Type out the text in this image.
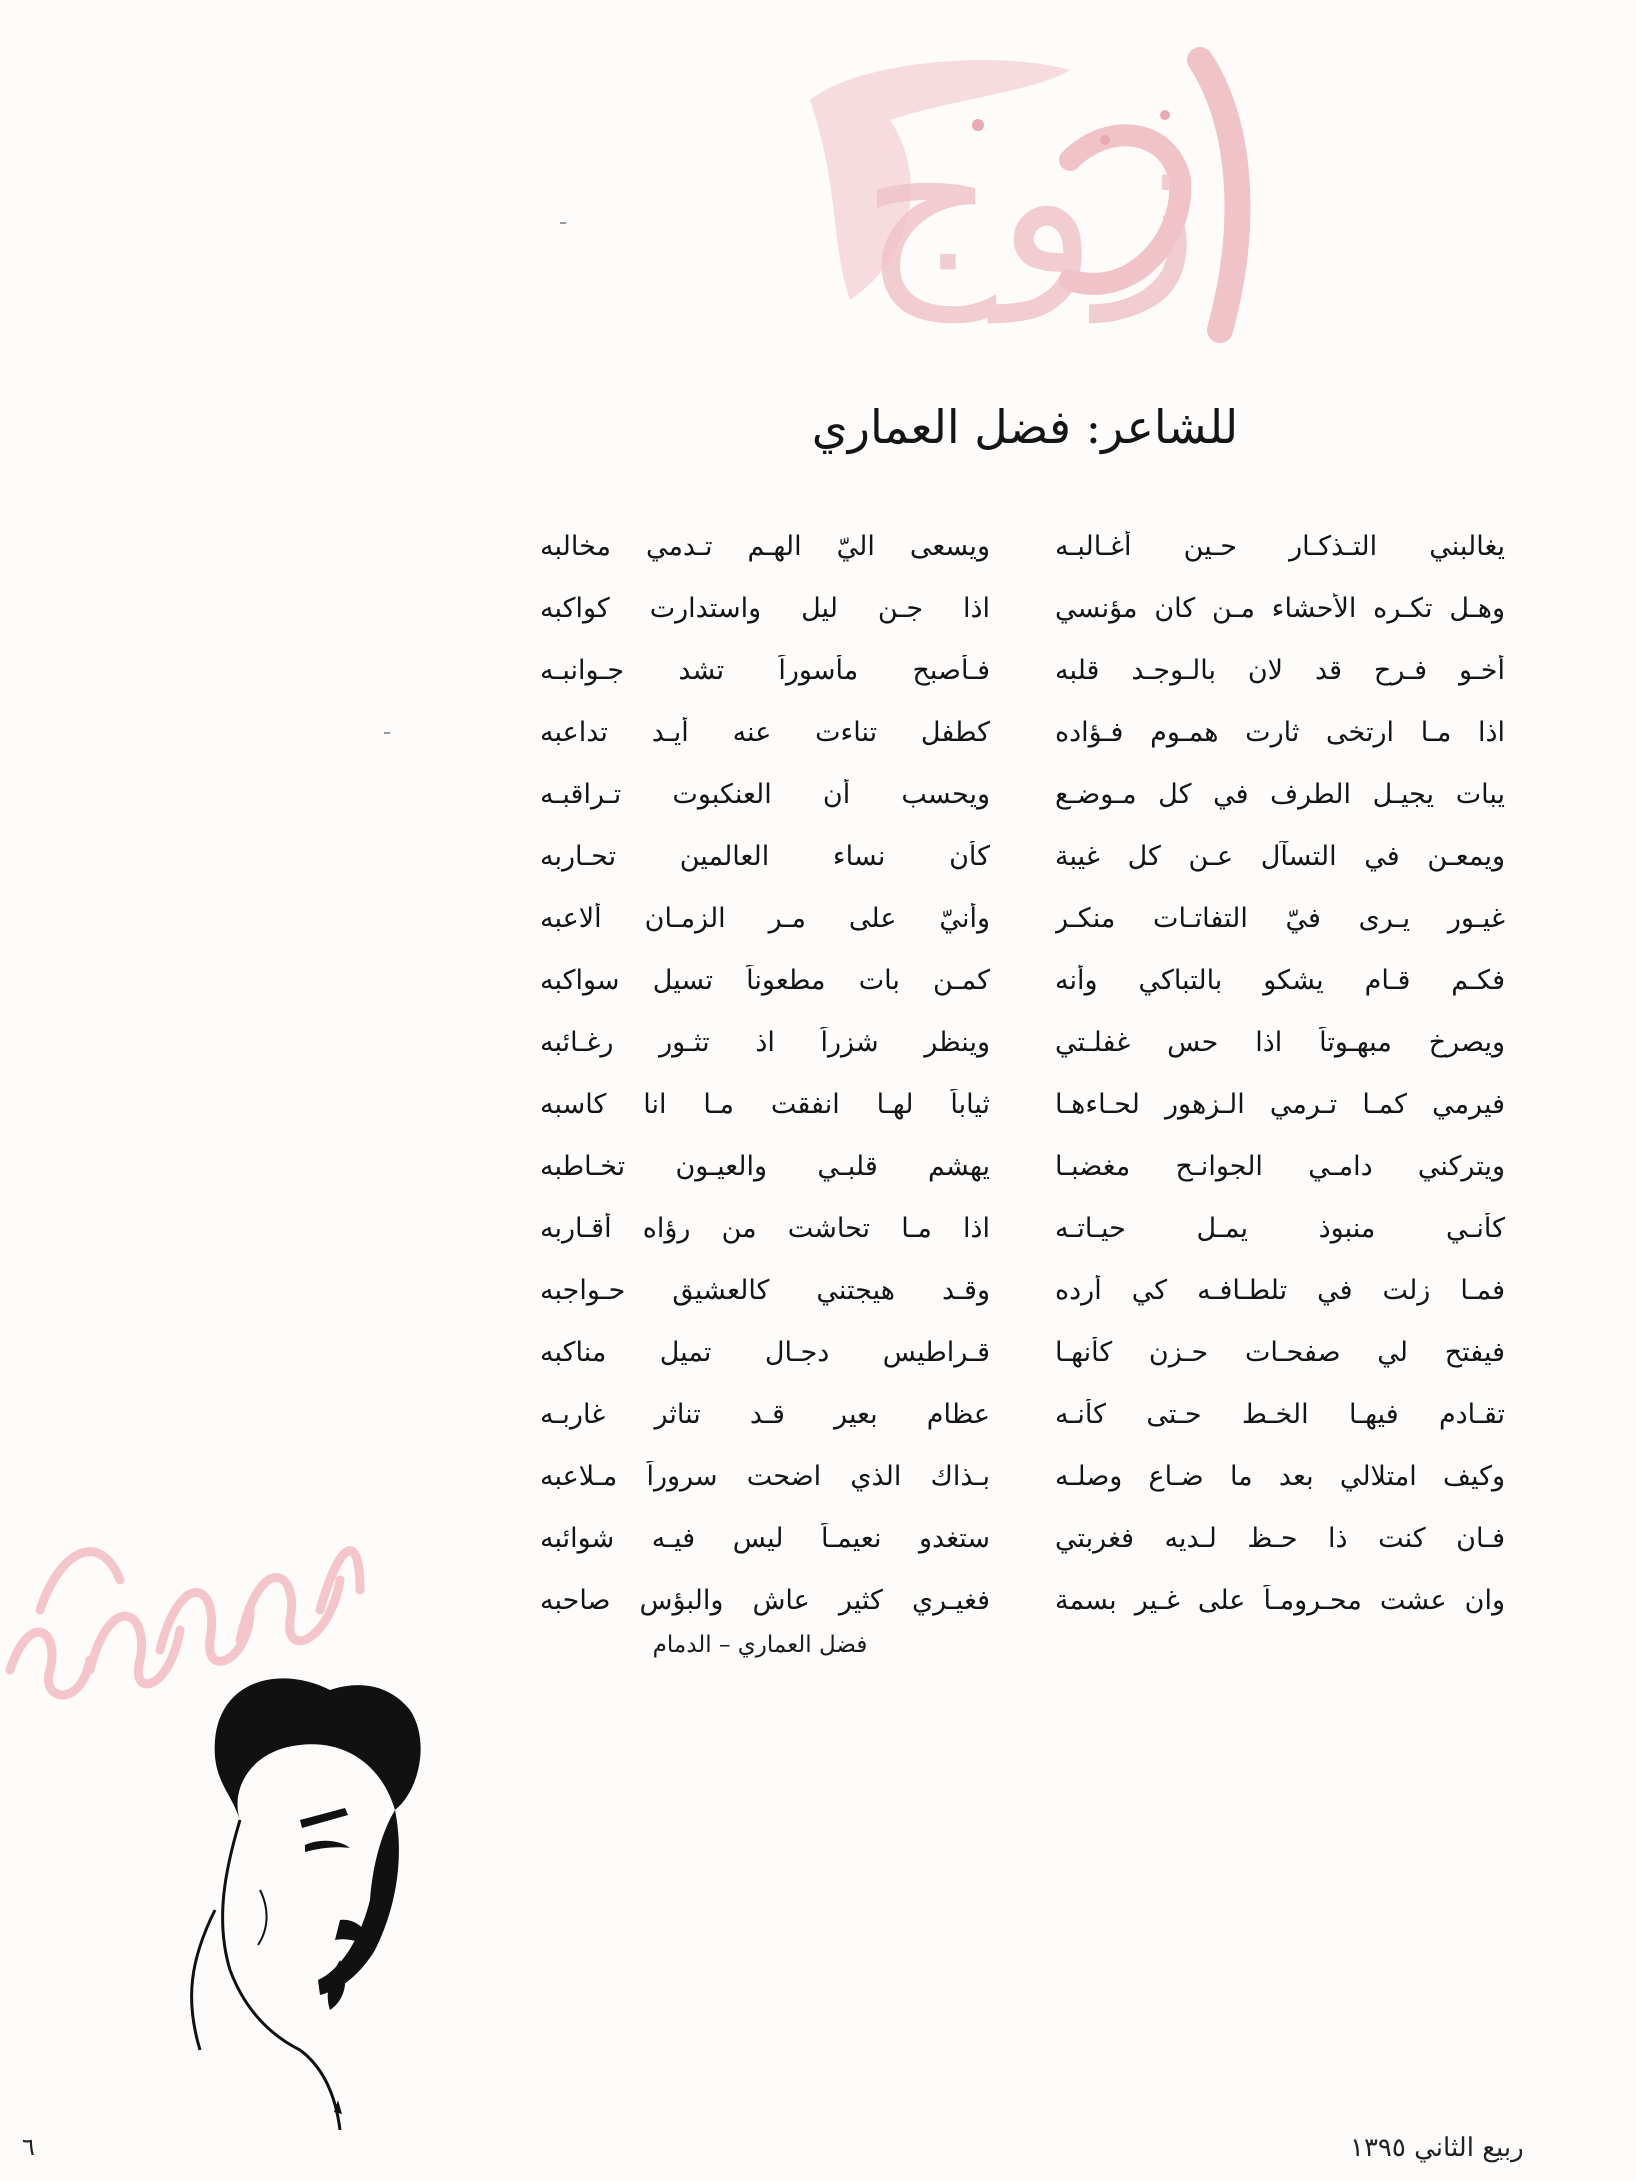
زوج
للشاعر: فضل العماري
يغالبني التـذكـار حـين أغـالبـه
ويسعى اليّ الهـم تـدمي مخالبه
وهـل تكـره الأحشاء مـن كان مؤنسي
اذا جـن ليل واستدارت كواكبه
أخـو فـرح قد لان بالـوجـد قلبه
فـأصبح مأسوراً تشد جـوانبـه
اذا مـا ارتخى ثارت همـوم فـؤاده
كطفل تناءت عنه أيـد تداعبه
يبات يجيـل الطرف في كل مـوضـع
ويحسب أن العنكبوت تـراقبـه
ويمعـن في التسآل عـن كل غيبة
كأن نساء العالمين تحـاربه
غيـور يـرى فيّ التفاتـات منكـر
وأنيّ على مـر الزمـان ألاعبه
فكـم قـام يشكو بالتباكي وأنه
كمـن بات مطعوناً تسيل سواكبه
ويصرخ مبهـوتاً اذا حس غفلـتي
وينظر شزراً اذ تثـور رغـائبه
فيرمي كمـا تـرمي الـزهور لحـاءهـا
ثياباً لهـا انفقت مـا انا كاسبه
ويتركني دامـي الجوانـح مغضبـا
يهشم قلبـي والعيـون تخـاطبه
كأنـي منبوذ يمـل حيـاتـه
اذا مـا تحاشت من رؤاه أقـاربه
فمـا زلت في تلطـافـه كي أرده
وقـد هيجتني كالعشيق حـواجبه
فيفتح لي صفحـات حـزن كأنهـا
قـراطيس دجـال تميل مناكبه
تقـادم فيهـا الخـط حـتى كأنـه
عظام بعير قـد تناثر غاربـه
وكيف امتلالي بعد ما ضـاع وصلـه
بـذاك الذي اضحت سروراً مـلاعبه
فـان كنت ذا حـظ لـديه فغربتي
ستغدو نعيمـاً ليس فيـه شوائبه
وان عشت محـرومـاً على غـير بسمة
فغيـري كثير عاش والبؤس صاحبه
فضل العماري – الدمام
ربيع الثاني ١٣٩٥
٦
